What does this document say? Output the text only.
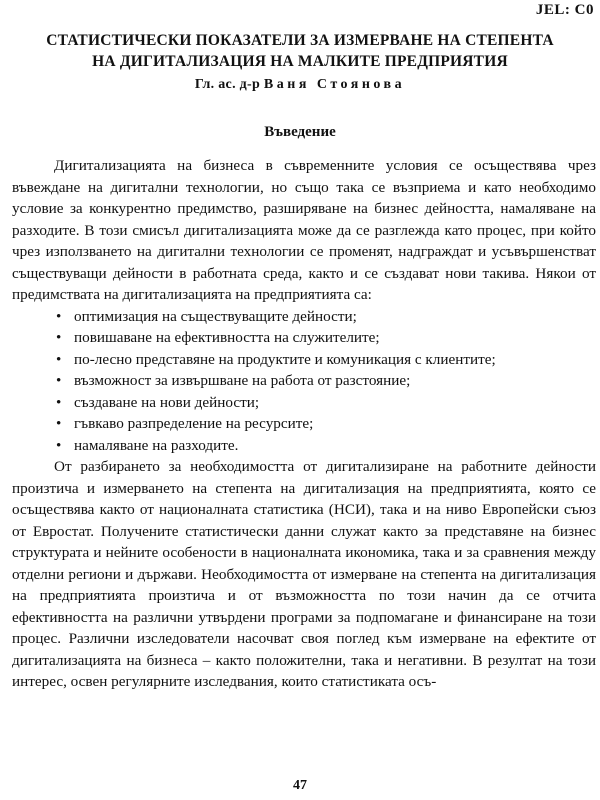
JEL: C0
СТАТИСТИЧЕСКИ ПОКАЗАТЕЛИ ЗА ИЗМЕРВАНЕ НА СТЕПЕНТА
НА ДИГИТАЛИЗАЦИЯ НА МАЛКИТЕ ПРЕДПРИЯТИЯ
Гл. ас. д-р Ваня Стоянова
Въведение

Дигитализацията на бизнеса в съвременните условия се осъществява чрез въвеждане на дигитални технологии, но също така се възприема и като необходимо условие за конкурентно предимство, разширяване на бизнес дейността, намаляване на разходите. В този смисъл дигитализацията може да се разглежда като процес, при който чрез използването на дигитални технологии се променят, надграждат и усъвършенстват съществуващи дейности в работната среда, както и се създават нови такива. Някои от предимствата на дигитализацията на предприятията са:

• оптимизация на съществуващите дейности;
• повишаване на ефективността на служителите;
• по-лесно представяне на продуктите и комуникация с клиентите;
• възможност за извършване на работа от разстояние;
• създаване на нови дейности;
• гъвкаво разпределение на ресурсите;
• намаляване на разходите.

От разбирането за необходимостта от дигитализиране на работните дейности произтича и измерването на степента на дигитализация на предприятията, която се осъществява както от националната статистика (НСИ), така и на ниво Европейски съюз от Евростат. Получените статистически данни служат както за представяне на бизнес структурата и нейните особености в националната икономика, така и за сравнения между отделни региони и държави. Необходимостта от измерване на степента на дигитализация на предприятията произтича и от възможността по този начин да се отчита ефективността на различни утвърдени програми за подпомагане и финансиране на този процес. Различни изследователи насочват своя поглед към измерване на ефектите от дигитализацията на бизнеса – както положителни, така и негативни. В резултат на този интерес, освен регулярните изследвания, които статистиката осъ-

47
